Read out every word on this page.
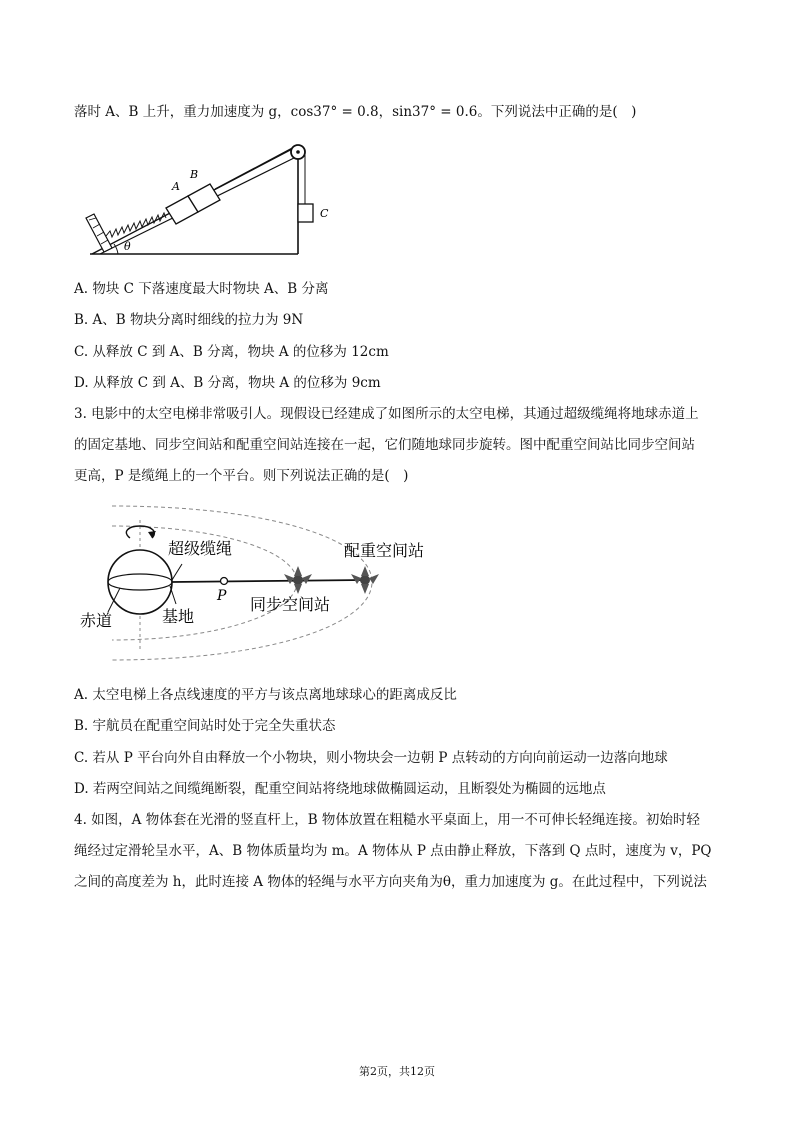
落时 A、B 上升，重力加速度为 g，cos37° = 0.8，sin37° = 0.6。下列说法中正确的是(　)
A
B
C
θ
A. 物块 C 下落速度最大时物块 A、B 分离
B. A、B 物块分离时细线的拉力为 9N
C. 从释放 C 到 A、B 分离，物块 A 的位移为 12cm
D. 从释放 C 到 A、B 分离，物块 A 的位移为 9cm
3. 电影中的太空电梯非常吸引人。现假设已经建成了如图所示的太空电梯，其通过超级缆绳将地球赤道上
的固定基地、同步空间站和配重空间站连接在一起，它们随地球同步旋转。图中配重空间站比同步空间站
更高，P 是缆绳上的一个平台。则下列说法正确的是(　)
P
超级缆绳	配重空间站
同步空间站
赤道	基地
A. 太空电梯上各点线速度的平方与该点离地球球心的距离成反比
B. 宇航员在配重空间站时处于完全失重状态
C. 若从 P 平台向外自由释放一个小物块，则小物块会一边朝 P 点转动的方向向前运动一边落向地球
D. 若两空间站之间缆绳断裂，配重空间站将绕地球做椭圆运动，且断裂处为椭圆的远地点
4. 如图，A 物体套在光滑的竖直杆上，B 物体放置在粗糙水平桌面上，用一不可伸长轻绳连接。初始时轻
绳经过定滑轮呈水平，A、B 物体质量均为 m。A 物体从 P 点由静止释放，下落到 Q 点时，速度为 v，PQ
之间的高度差为 h，此时连接 A 物体的轻绳与水平方向夹角为θ，重力加速度为 g。在此过程中，下列说法
第2页，共12页
